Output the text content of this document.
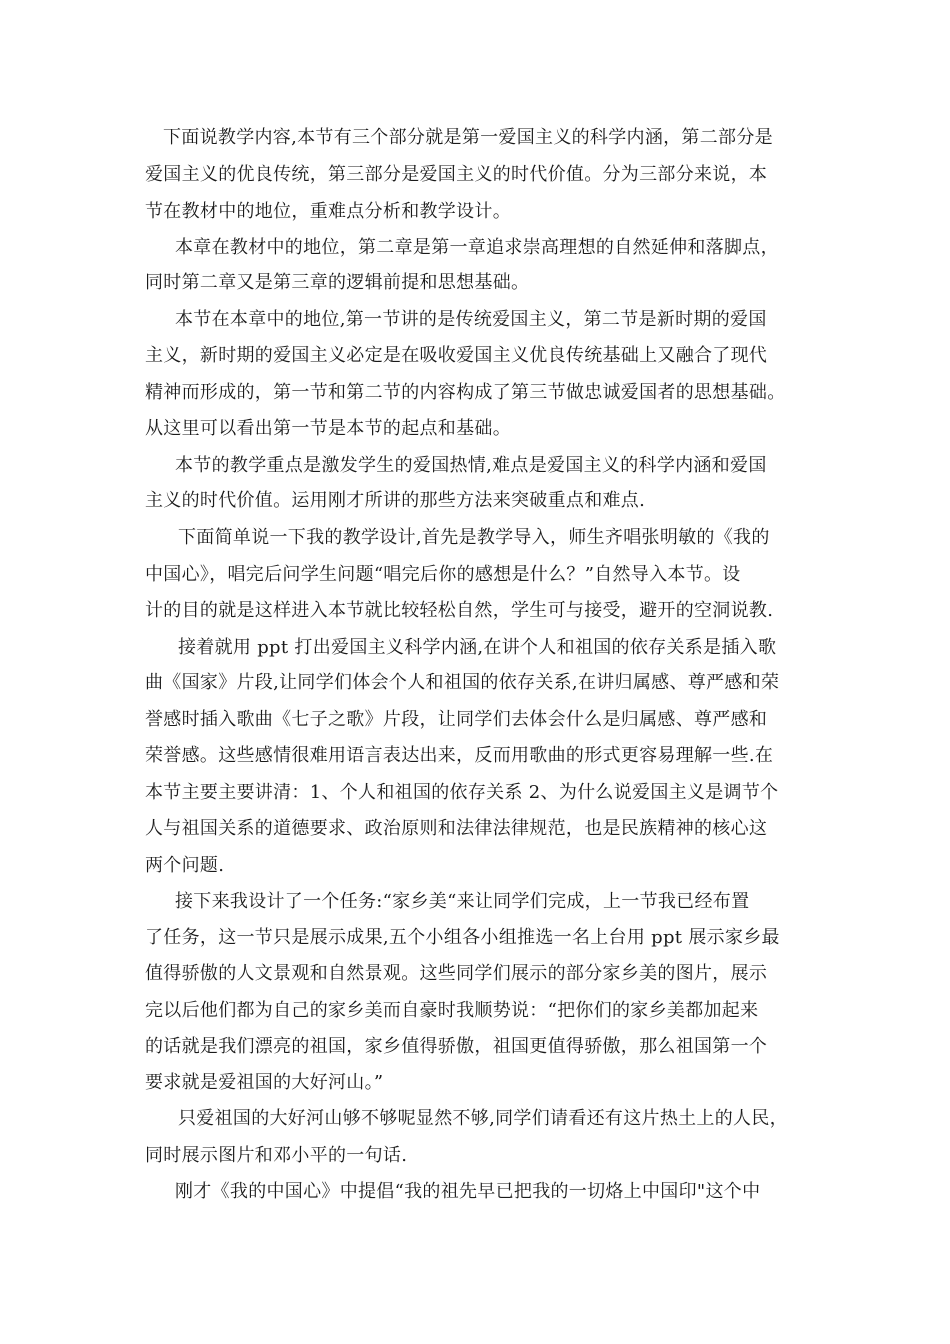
下面说教学内容,本节有三个部分就是第一爱国主义的科学内涵，第二部分是
爱国主义的优良传统，第三部分是爱国主义的时代价值。分为三部分来说，本
节在教材中的地位，重难点分析和教学设计。
本章在教材中的地位，第二章是第一章追求崇高理想的自然延伸和落脚点，
同时第二章又是第三章的逻辑前提和思想基础。
本节在本章中的地位,第一节讲的是传统爱国主义，第二节是新时期的爱国
主义，新时期的爱国主义必定是在吸收爱国主义优良传统基础上又融合了现代
精神而形成的，第一节和第二节的内容构成了第三节做忠诚爱国者的思想基础。
从这里可以看出第一节是本节的起点和基础。
本节的教学重点是激发学生的爱国热情,难点是爱国主义的科学内涵和爱国
主义的时代价值。运用刚才所讲的那些方法来突破重点和难点.
下面简单说一下我的教学设计,首先是教学导入，师生齐唱张明敏的《我的
中国心》，唱完后问学生问题“唱完后你的感想是什么？”自然导入本节。设
计的目的就是这样进入本节就比较轻松自然，学生可与接受，避开的空洞说教.
接着就用 ppt 打出爱国主义科学内涵,在讲个人和祖国的依存关系是插入歌
曲《国家》片段,让同学们体会个人和祖国的依存关系,在讲归属感、尊严感和荣
誉感时插入歌曲《七子之歌》片段，让同学们去体会什么是归属感、尊严感和
荣誉感。这些感情很难用语言表达出来，反而用歌曲的形式更容易理解一些.在
本节主要主要讲清：1、个人和祖国的依存关系 2、为什么说爱国主义是调节个
人与祖国关系的道德要求、政治原则和法律法律规范，也是民族精神的核心这
两个问题.
接下来我设计了一个任务:“家乡美“来让同学们完成，上一节我已经布置
了任务，这一节只是展示成果,五个小组各小组推选一名上台用 ppt 展示家乡最
值得骄傲的人文景观和自然景观。这些同学们展示的部分家乡美的图片，展示
完以后他们都为自己的家乡美而自豪时我顺势说：“把你们的家乡美都加起来
的话就是我们漂亮的祖国，家乡值得骄傲，祖国更值得骄傲，那么祖国第一个
要求就是爱祖国的大好河山。”
只爱祖国的大好河山够不够呢显然不够,同学们请看还有这片热土上的人民，
同时展示图片和邓小平的一句话.
刚才《我的中国心》中提倡“我的祖先早已把我的一切烙上中国印"这个中
